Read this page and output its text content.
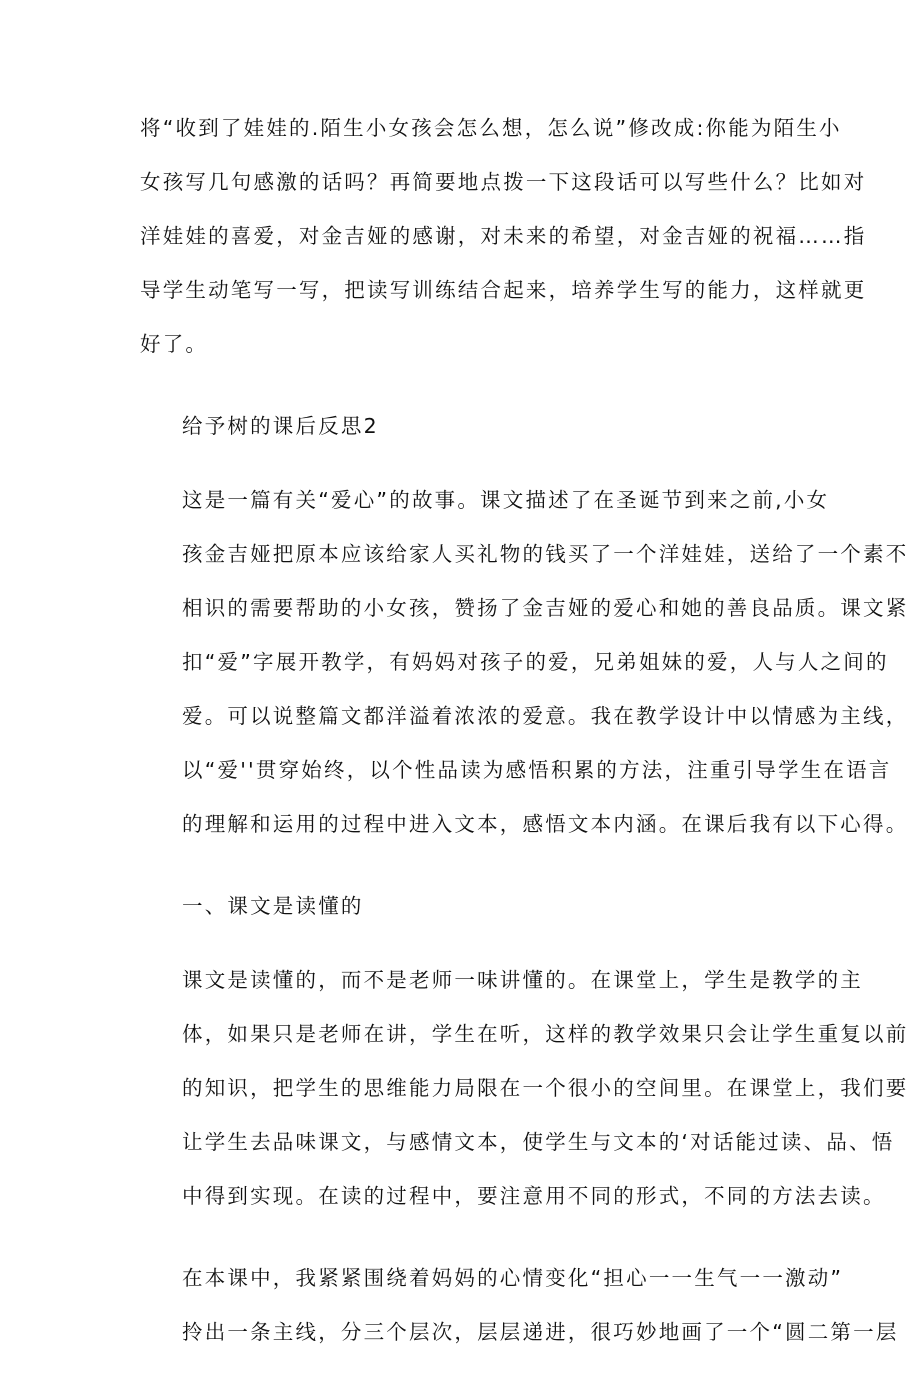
将“收到了娃娃的.陌生小女孩会怎么想，怎么说”修改成:你能为陌生小
女孩写几句感激的话吗？再简要地点拨一下这段话可以写些什么？比如对
洋娃娃的喜爱，对金吉娅的感谢，对未来的希望，对金吉娅的祝福……指
导学生动笔写一写，把读写训练结合起来，培养学生写的能力，这样就更
好了。

给予树的课后反思2

这是一篇有关“爱心”的故事。课文描述了在圣诞节到来之前,小女
孩金吉娅把原本应该给家人买礼物的钱买了一个洋娃娃，送给了一个素不
相识的需要帮助的小女孩，赞扬了金吉娅的爱心和她的善良品质。课文紧
扣“爱”字展开教学，有妈妈对孩子的爱，兄弟姐妹的爱，人与人之间的
爱。可以说整篇文都洋溢着浓浓的爱意。我在教学设计中以情感为主线，
以“爱''贯穿始终，以个性品读为感悟积累的方法，注重引导学生在语言
的理解和运用的过程中进入文本，感悟文本内涵。在课后我有以下心得。

一、课文是读懂的

课文是读懂的，而不是老师一味讲懂的。在课堂上，学生是教学的主
体，如果只是老师在讲，学生在听，这样的教学效果只会让学生重复以前
的知识，把学生的思维能力局限在一个很小的空间里。在课堂上，我们要
让学生去品味课文，与感情文本，使学生与文本的‘对话能过读、品、悟
中得到实现。在读的过程中，要注意用不同的形式，不同的方法去读。

在本课中，我紧紧围绕着妈妈的心情变化“担心一一生气一一激动”
拎出一条主线，分三个层次，层层递进，很巧妙地画了一个“圆二第一层
